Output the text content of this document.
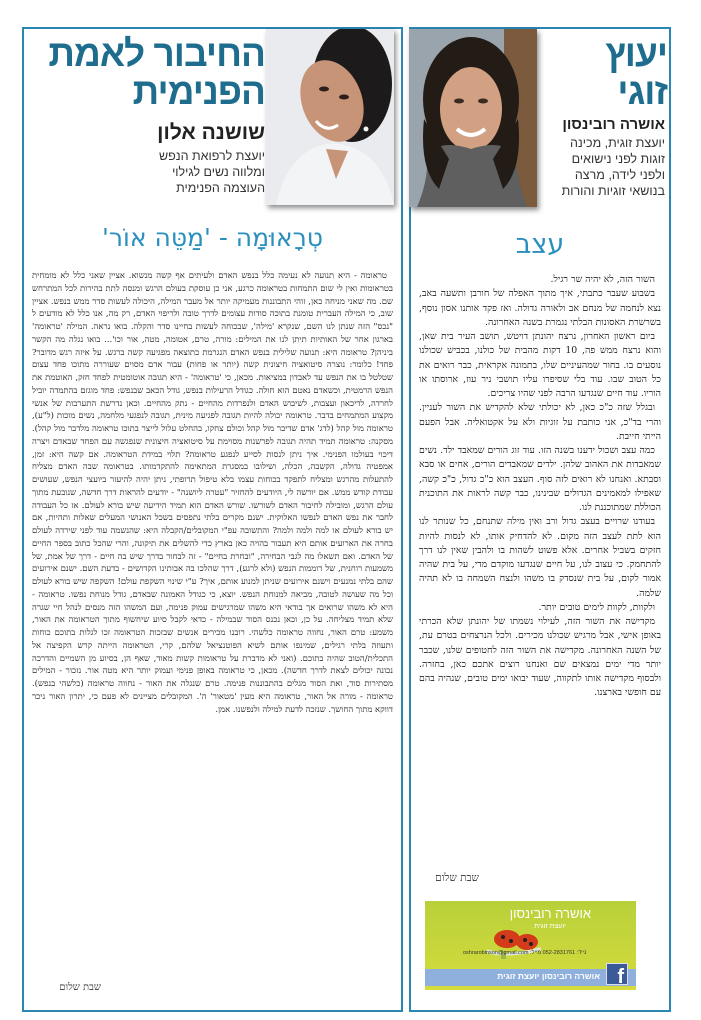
יעוץ
זוגי
אושרה רובינסון
יועצת זוגית, מכינה
זוגות לפני נישואים
ולפני לידה, מרצה
בנושאי זוגיות והורות
עצב

השור הזה, לא יהיה שר רגיל.

בשבוע שעבר כתבתי, איך מתוך האפלה של חורבן ותשעה באב, נצא לנחמה של מנחם אב ולאורה גדולה. ואז פקד אותנו אסון נוסף, בשרשרת האסונות הבלתי נגמרת בשנה האחרונה.

ביום ראשון האחרון, נרצח יהונתן דויטש, תושב העיר בית שאן, והוא נרצח ממש פה, 10 דקות מהבית של כולנו, בכביש שכולנו נוסעים בו. בחור שמהעיניים שלו, בתמונה אקראית, כבר רואים את כל הטוב שבו. עוד בלי שסיפרו עליו תושבי ניר עוז, ארוסתו או הוריו. עוד חיים שנגדעו הרבה לפני שהיו צריכים.

ובגלל שזה כ"כ כאן, לא יכולתי שלא להקדיש את השור לעניין. והרי בד"כ, אני כותבת על זוגיות ולא על אקטואליה. אבל הפעם הייתי חייבת.

כמה עצב ושכול ידענו בשנה הזו. עוד זוג הורים שמאבד ילד. נשים שמאבדות את האהוב שלהן. ילדים שמאבדים הורים, אחים או סבא וסבתא. ואנחנו לא רואים לזה סוף. העצב הוא כ"כ גדול, כ"כ קשה, שאפילו למאמינים הגדולים שבינינו, כבר קשה לראות את התוכנית הכוללת שמתוכננת לנו.

בעודנו שרויים בעצב גדול ורב ואין מילה שתנחם, כל שנותר לנו הוא לתת לעצב הזה מקום. לא להדחיק אותו, לא לנסות להיות חזקים בשביל אחרים. אלא פשוט לשהות בו ולהבין שאין לנו דרך להתחמק. כי עצוב לנו, על חיים שנגדעו מוקדם מדי, על בית שהיה אמור לקום, על בית שנסדק בו משהו ולנצח השמחה בו לא תהיה שלמה.

ולקוות, לקוות לימים טובים יותר.

מקדישה את השור הזה, לעילוי נשמתו של יהונתן שלא הכרתי באופן אישי, אבל מרגיש שכולנו מכירים. ולכל הנרצחים בטרם עת, של השנה האחרונה. מקדישה את השור הזה לחטופים שלנו, שכבר יותר מדי ימים נמצאים שם ואנחנו רוצים אתכם כאן, בחזרה. ולבסוף מקדישה אותו לתקווה, שעוד יבואו ימים טובים, שנהיה בהם עם חופשי בארצנו.

שבת שלום
אושרה רובינסון
יועצת זוגית
נייד: 052-2831761 מייל: oshrarobinson@gmail.com
אושרה רובינסון יועצת זוגית f
החיבור לאמת
הפנימית
שושנה אלון
יועצת לרפואת הנפש
ומלווה נשים לגילוי
העוצמה הפנימית
טְרָאוּמָה - 'מַטֵּה אוֹר'

טראומה - היא תנועה לא נעימה כלל בנפש האדם ולעיתים אף קשה מנשוא. אציין שאני כלל לא מומחית בטראומות ואין לי שום התמחות בטראומה כרגע, אני כן עוסקת בעולם הרגש ומנסה לתת בהירות לכל המתרחש שם. מה שאני מניחה כאן, זוהי התבוננות מעמיקה יותר אל מעבר המילה, היכולה לעשות סדר ממש בנפש. אציין שוב, כי המילה העברית טומנת בתוכה סודות עצומים לדרך טובה ולריפוי האדם, רק מה, אנו כלל לא מודעים ל "נכס" הזה שנתן לנו השם, שנקרא 'מילה', שבכוחה לעשות בחיינו סדר והקלה. בואו נראה. המילה 'טראומה' בארגון אחר של האותיות תיתן לנו את המילים: מורה, טרם, אטומה, מטה, אור וכו'... בואו נגלה מה הקשר ביניהן? טראומה היא: תנועה שלילית בנפש האדם הנגרמת כתוצאה מפגיעה קשה ברגש. על איזה רגש מדובר? פחד! כלומר: נוצרה סיטואציה חיצונית קשה (יותר או פחות) עבור אדם מסוים שעוררה מתוכו פחד עצום שטלטל בו את הנפש עד לאבדון במציאות. מכאן, כי 'טראומה' - היא תגובה אוטומטית לפחד חזק, האוטמת את הנפש הרמטית, וכשאדם נאטם הוא חולה. כגודל הרעילות בנפש, גודל הכאב שבנפש: פחד מוגזם בהתמדה יוביל לחרדה, לדיכאון ועצבות, לשיבוש האדם ולנפרדות מהחיים - נתק מהחיים. וכאן נדרשת התערבות של אנשי מקצוע המתמחים בדבר. טראומה יכולה להיות תגובה לפגיעה מינית, תגובה לנפגעי מלחמה, נשים מוכות (ל"ע), טראומה מול קהל (לדג' אדם שדיבר מול קהל וכולם צחקו, בהחלט עלול לייצר בתוכו טראומה מלדבר מול קהל). מסקנה: טראומה תמיד תהיה תגובה לפרשנות מסוימת על סיטואציה חיצונית שנפגשה עם הפחד שבאדם ויצרה דיכוי בעולמו הפנימי. איך ניתן לנסות לסייע לנפגע טראומה? תלוי במידת הטראומה. אם קשה היא: זמן, אמפטיה גדולה, הקשבה, הכלה, ושילובו במסגרת המתאימה להתקדמותו. בטראומה שבה האדם מצליח להתעלות מהרגש ומצליח לתפקד בכוחות עצמו בלא טיפול תרופתי, ניתן יהיה להיעזר ביועצי הנפש, שעושים עבודת קודש ממש. אם יורשה לי, היודעים להחזיר "עטרה ליושנה" - יודעים להראות דרך חדשה, שנובעת מתוך עולם הרגש, ומובילה לחיבור האדם לשורשו. שורש האדם הוא תמיד הידיעה שיש בורא לעולם. אז כל העבודה לחבר את נפש האדם לנפשו האלוקית. ישנם מקרים בלתי נתפסים בשכל האנושי המעלים שאלות ותהיות, אם יש בורא לעולם או למה ולמה ולמה? והתשובה עפ"י המקובלים/הקבלה היא: שהנשמה עוד לפני שירדה לעולם בחרה את הארועים אותם היא תעבור בהויה כאן בארץ כדי להשלים את תיקונה, והרי שהכל כתוב בספר החיים של האדם. ואם תשאלו מה לגבי הבחירה, "ובחרת בחיים" - זה לבחור בדרך שיש בה חיים - דרך של אמת, של משמעות רוחנית, של רוממות הנפש (ולא לרגע), דרך שהלכו בה אבותינו הקדושים - בדעת השם. ישנם אירועים שהם בלתי נמנעים וישנם אירועים שניתן למנוע אותם, איך? ע"י שינוי השקפת עולם! השקפה שיש בורא לעולם וכל מה שעושה לטובה, מביאה למנוחת הנפש. יוצא, כי כגודל האמונה שבאדם, גודל מנוחת נפשו. טראומה - היא לא משהו שרואים אך בודאי היא משהו שמרגישים עמוק פנימה, ועם המשהו הזה מנסים לנהל חיי שגרה שלא תמיד מצליחה. על כן, וכאן נכנס הסוד שבמילה - כדאי לקבל סיוע שיחשוף מתוך הטראומה את האור, משמע: טרם האור, נחווה טראומה כלשהי. רובנו מכירים אנשים שבזכות הטראומה זכו לגלות בתוכם כוחות ותעוזה בלתי רגילים, שמינפו אותם לשיא הפוטנציאל שלהם, קרי, הטראומה הייתה קרש הקפיצה אל התכלית/הטוב שהיה בתוכם. (ואני לא מדברת על טראומות קשות מאוד, שאף הן, בסיוע מן השמיים והדרכה נכונה יכולים לצאת לדרך חדשה). מכאן, כי טראומה באופן פנימי ועמוק יותר היא מטה אור. נזכור - המילים מסתירות סוד, ואת הסוד מגלים בהתבוננות פנימה. טרם שנגלה את האור - נחווה טראומה (כלשהי בנפש). טראומה - מורה אל האור, טראומה היא מעין 'מטאור' ה'. המקובלים מציינים לא פעם כי, יתרון האור ניכר דווקא מתוך החושך. שנזכה לדעת למילה ולנפשנו. אמן.

שבת שלום
